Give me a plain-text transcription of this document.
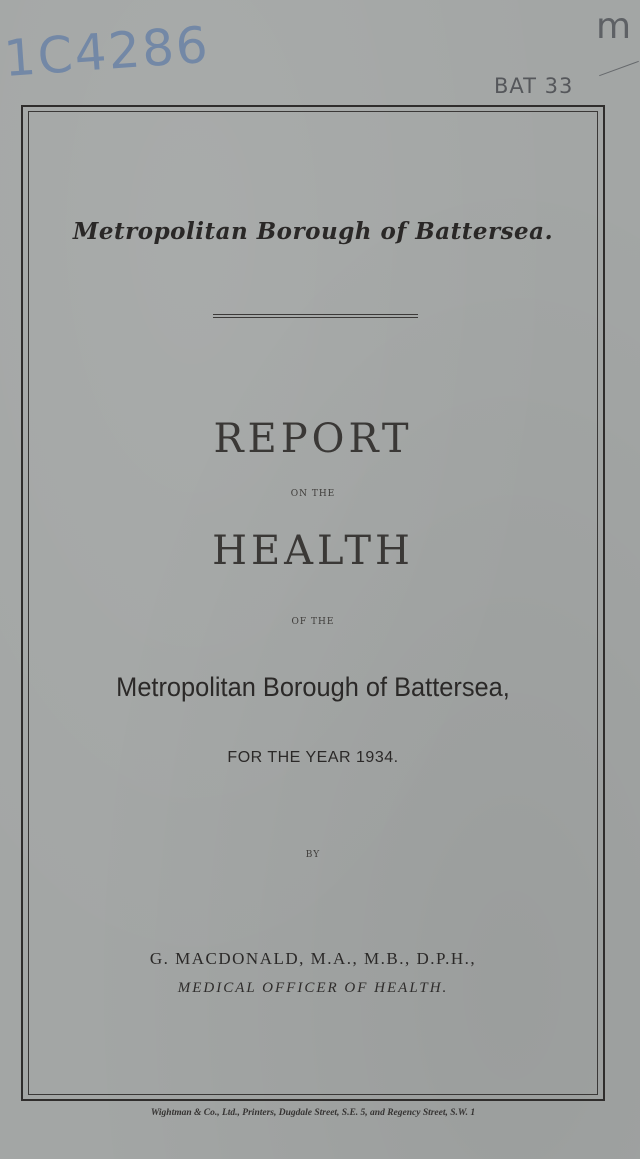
1C4286	BAT 33
m
Metropolitan Borough of Battersea.
REPORT
ON THE
HEALTH
OF THE
Metropolitan Borough of Battersea,
FOR THE YEAR 1934.
BY
G. MACDONALD, M.A., M.B., D.P.H.,
MEDICAL OFFICER OF HEALTH.
Wightman & Co., Ltd., Printers, Dugdale Street, S.E. 5, and Regency Street, S.W. 1
